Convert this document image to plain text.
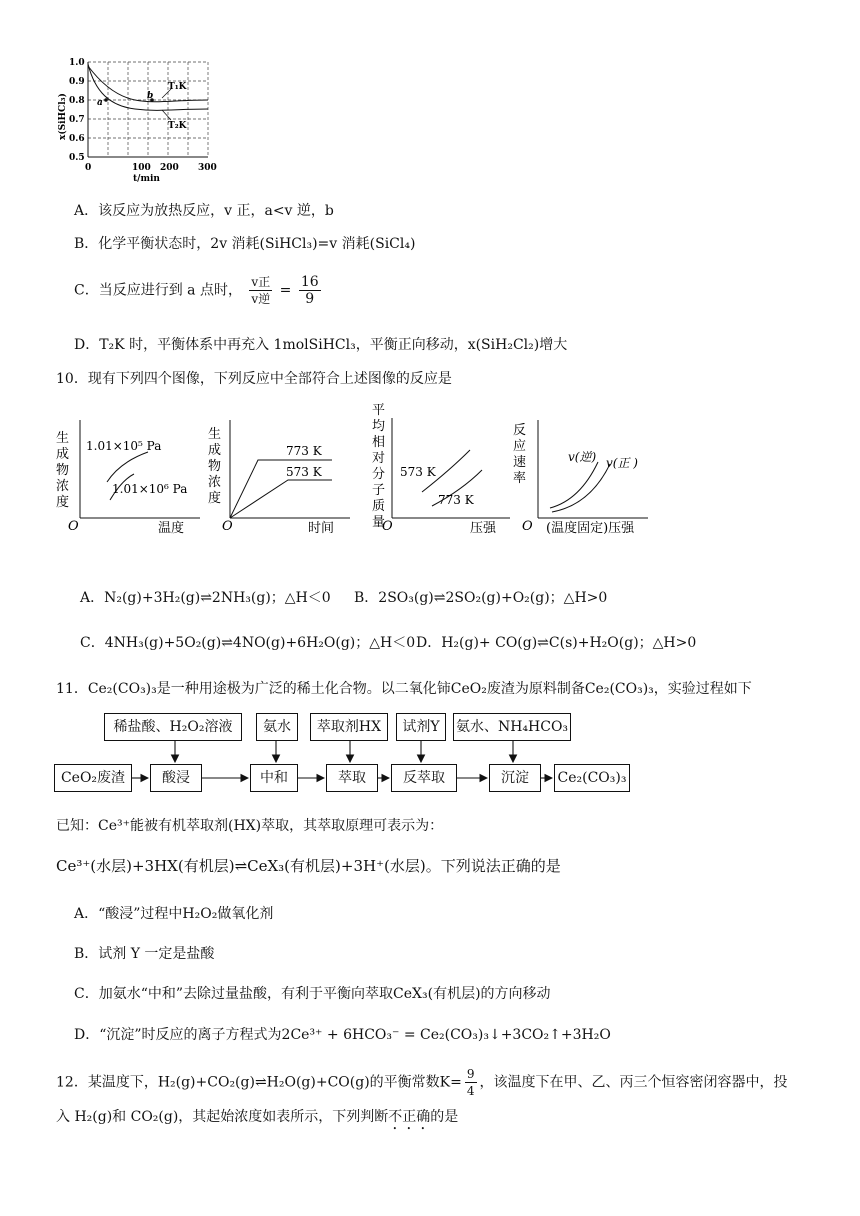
1.0
0.9
0.8
0.7
0.6
0.5
0	100 200 300
t/min
a
b
T₁K
T₂K
x(SiHCl₃)
A．该反应为放热反应，v 正，a<v 逆，b
B．化学平衡状态时，2v 消耗(SiHCl₃)=v 消耗(SiCl₄)
C．当反应进行到 a 点时， $\frac{\text{v正}}{\text{v逆}} = \frac{16}{9}$
D．T₂K 时，平衡体系中再充入 1molSiHCl₃，平衡正向移动，x(SiH₂Cl₂)增大
10．现有下列四个图像，下列反应中全部符合上述图像的反应是
生
成
物
浓
度
O	温度
1.01×10⁵ Pa
1.01×10⁶ Pa
生
成
物
浓
度
O	时间
773 K
573 K
平
均
相
对
分
子
质
量
O	压强
573 K
773 K
反
应
速
率
O (温度固定)压强
v(逆) v(正 )
A．N₂(g)+3H₂(g)⇌2NH₃(g)；△H＜0 B．2SO₃(g)⇌2SO₂(g)+O₂(g)；△H>0
C．4NH₃(g)+5O₂(g)⇌4NO(g)+6H₂O(g)；△H＜0 D．H₂(g)+ CO(g)⇌C(s)+H₂O(g)；△H>0
11．Ce₂(CO₃)₃是一种用途极为广泛的稀土化合物。以二氧化铈CeO₂废渣为原料制备Ce₂(CO₃)₃，实验过程如下
稀盐酸、H₂O₂溶液	氨水	萃取剂HX	试剂Y	氨水、NH₄HCO₃
CeO₂废渣	酸浸	中和	萃取	反萃取	沉淀	Ce₂(CO₃)₃
已知：Ce³⁺能被有机萃取剂(HX)萃取，其萃取原理可表示为：
Ce³⁺(水层)+3HX(有机层)⇌CeX₃(有机层)+3H⁺(水层)。下列说法正确的是
A．“酸浸”过程中H₂O₂做氧化剂
B．试剂 Y 一定是盐酸
C．加氨水“中和”去除过量盐酸，有利于平衡向萃取CeX₃(有机层)的方向移动
D．“沉淀”时反应的离子方程式为2Ce³⁺ + 6HCO₃⁻ = Ce₂(CO₃)₃↓+3CO₂↑+3H₂O
12．某温度下，H₂(g)+CO₂(g)⇌H₂O(g)+CO(g)的平衡常数$K= \frac{9}{4}$ ，该温度下在甲、乙、丙三个恒容密闭容器中，投
入 H₂(g)和 CO₂(g)，其起始浓度如表所示，下列判断不正确的是
